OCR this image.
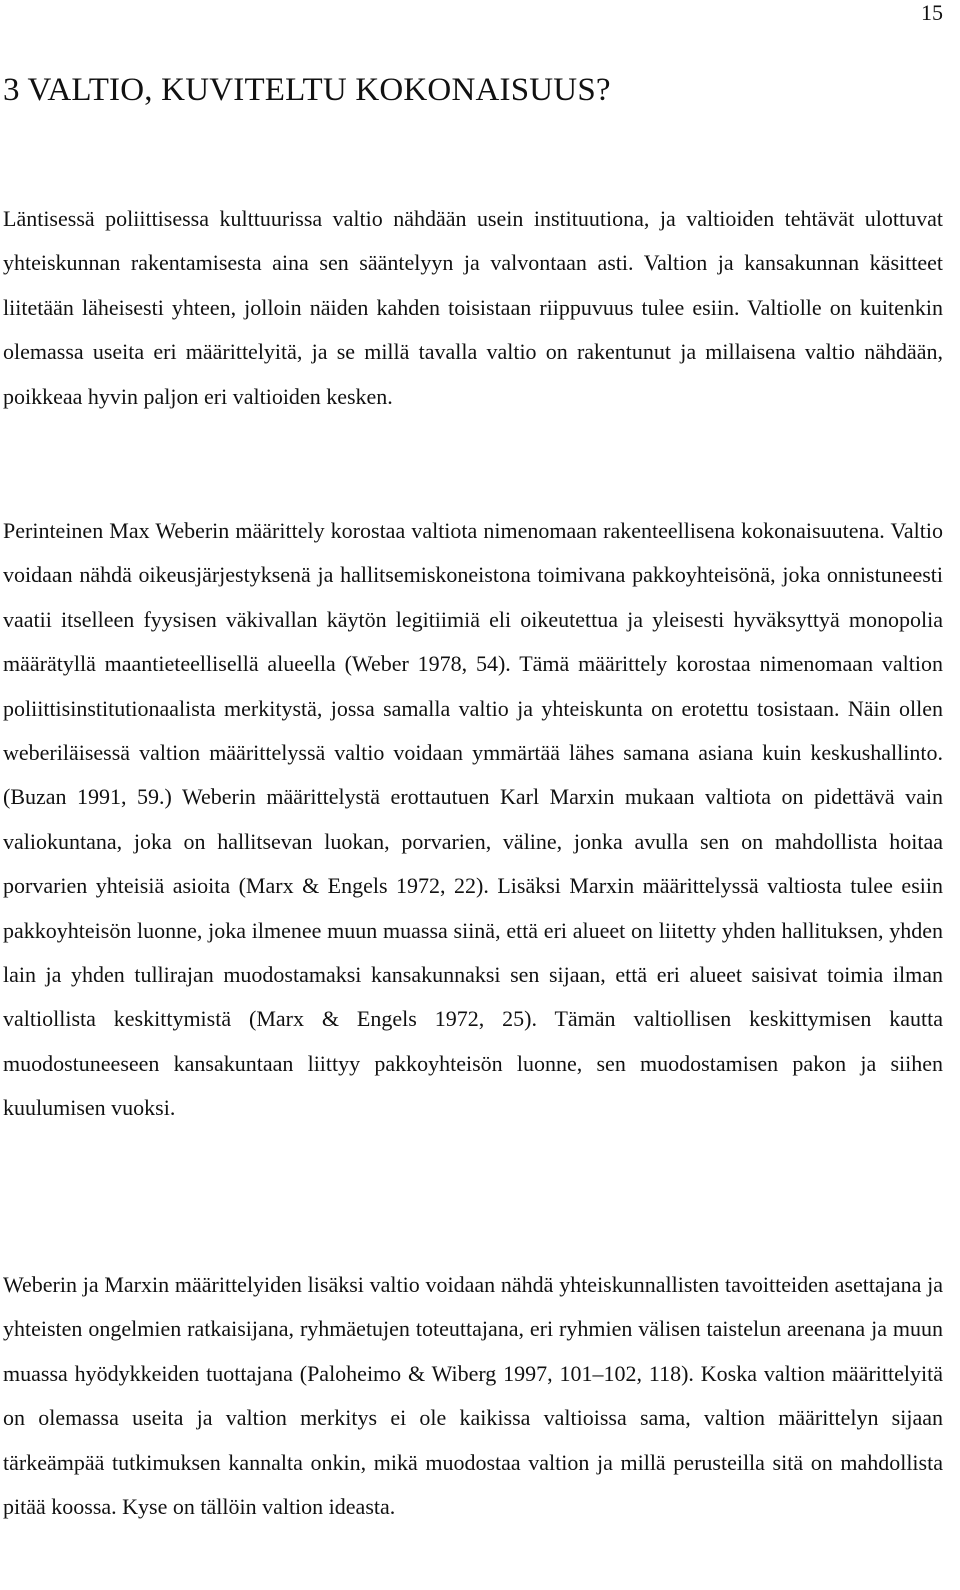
15
3 VALTIO, KUVITELTU KOKONAISUUS?

Läntisessä poliittisessa kulttuurissa valtio nähdään usein instituutiona, ja valtioiden tehtävät ulottuvat yhteiskunnan rakentamisesta aina sen sääntelyyn ja valvontaan asti. Valtion ja kansakunnan käsitteet liitetään läheisesti yhteen, jolloin näiden kahden toisistaan riippuvuus tulee esiin. Valtiolle on kuitenkin olemassa useita eri määrittelyitä, ja se millä tavalla valtio on rakentunut ja millaisena valtio nähdään, poikkeaa hyvin paljon eri valtioiden kesken.

Perinteinen Max Weberin määrittely korostaa valtiota nimenomaan rakenteellisena kokonaisuutena. Valtio voidaan nähdä oikeusjärjestyksenä ja hallitsemiskoneistona toimivana pakkoyhteisönä, joka onnistuneesti vaatii itselleen fyysisen väkivallan käytön legitiimiä eli oikeutettua ja yleisesti hyväksyttyä monopolia määrätyllä maantieteellisellä alueella (Weber 1978, 54). Tämä määrittely korostaa nimenomaan valtion poliittisinstitutionaalista merkitystä, jossa samalla valtio ja yhteiskunta on erotettu tosistaan. Näin ollen weberiläisessä valtion määrittelyssä valtio voidaan ymmärtää lähes samana asiana kuin keskushallinto. (Buzan 1991, 59.) Weberin määrittelystä erottautuen Karl Marxin mukaan valtiota on pidettävä vain valiokuntana, joka on hallitsevan luokan, porvarien, väline, jonka avulla sen on mahdollista hoitaa porvarien yhteisiä asioita (Marx & Engels 1972, 22). Lisäksi Marxin määrittelyssä valtiosta tulee esiin pakkoyhteisön luonne, joka ilmenee muun muassa siinä, että eri alueet on liitetty yhden hallituksen, yhden lain ja yhden tullirajan muodostamaksi kansakunnaksi sen sijaan, että eri alueet saisivat toimia ilman valtiollista keskittymistä (Marx & Engels 1972, 25). Tämän valtiollisen keskittymisen kautta muodostuneeseen kansakuntaan liittyy pakkoyhteisön luonne, sen muodostamisen pakon ja siihen kuulumisen vuoksi.

Weberin ja Marxin määrittelyiden lisäksi valtio voidaan nähdä yhteiskunnallisten tavoitteiden asettajana ja yhteisten ongelmien ratkaisijana, ryhmäetujen toteuttajana, eri ryhmien välisen taistelun areenana ja muun muassa hyödykkeiden tuottajana (Paloheimo & Wiberg 1997, 101–102, 118). Koska valtion määrittelyitä on olemassa useita ja valtion merkitys ei ole kaikissa valtioissa sama, valtion määrittelyn sijaan tärkeämpää tutkimuksen kannalta onkin, mikä muodostaa valtion ja millä perusteilla sitä on mahdollista pitää koossa. Kyse on tällöin valtion ideasta.
